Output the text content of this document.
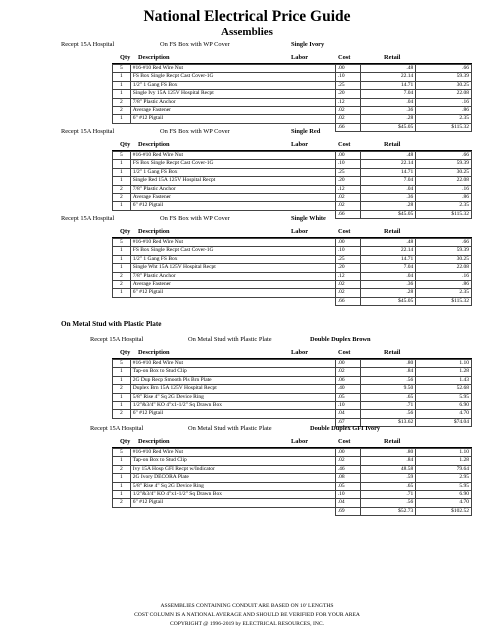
National Electrical Price Guide
Assemblies
On Metal Stud with Plastic Plate
Recept 15A Hospital	On FS Box with WP Cover	Single Ivory
Qty Description	Labor	Cost	Retail
5	#16-#10 Red Wire Nut	.00	.48	.66
1	FS Box Single Recpt Cast Cover-1G	.10	22.14	59.39
1	1/2" 1 Gang FS Box	.25	14.71	30.25
1	Single Ivy 15A 125V Hospital Recpt	.20	7.04	22.08
2	7/8" Plastic Anchor	.12	.04	.16
2	Average Fastener	.02	.36	.86
1	6" #12 Pigtail	.02	.28	2.35
		.66	$45.05	$115.32
Recept 15A Hospital	On FS Box with WP Cover	Single Red
Qty Description	Labor	Cost	Retail
5	#16-#10 Red Wire Nut	.00	.48	.66
1	FS Box Single Recpt Cast Cover-1G	.10	22.14	59.39
1	1/2" 1 Gang FS Box	.25	14.71	30.25
1	Single Red 15A 125V Hospital Recpt	.20	7.04	22.08
2	7/8" Plastic Anchor	.12	.04	.16
2	Average Fastener	.02	.36	.86
1	6" #12 Pigtail	.02	.28	2.35
		.66	$45.05	$115.32
Recept 15A Hospital	On FS Box with WP Cover	Single White
Qty Description	Labor	Cost	Retail
5	#16-#10 Red Wire Nut	.00	.48	.66
1	FS Box Single Recpt Cast Cover-1G	.10	22.14	59.39
1	1/2" 1 Gang FS Box	.25	14.71	30.25
1	Single Wht 15A 125V Hospital Recpt	.20	7.04	22.08
2	7/8" Plastic Anchor	.12	.04	.16
2	Average Fastener	.02	.36	.86
1	6" #12 Pigtail	.02	.28	2.35
		.66	$45.05	$115.32
Recept 15A Hospital	On Metal Stud with Plastic Plate	Double Duplex Brown
Qty Description	Labor	Cost	Retail
5	#16-#10 Red Wire Nut	.00	.80	1.10
1	Tap-on Box to Stud Clip	.02	.84	1.28
1	2G Dup Recp Smooth Pls Brn Plate	.06	.56	1.43
2	Duplex Brn 15A 125V Hospital Recpt	.40	9.50	52.68
1	5/8" Rise 4" Sq 2G Device Ring	.05	.65	5.95
1	1/2"&3/4" KO 4"x1-1/2" Sq Drawn Box	.10	.71	6.90
2	6" #12 Pigtail	.04	.56	4.70
		.67	$13.62	$74.04
Recept 15A Hospital	On Metal Stud with Plastic Plate	Double Duplex GFI Ivory
Qty Description	Labor	Cost	Retail
5	#16-#10 Red Wire Nut	.00	.80	1.10
1	Tap-on Box to Stud Clip	.02	.84	1.28
2	Ivy 15A Hosp GFI Recpt w/Indicator	.46	48.58	79.64
1	2G Ivory DECORA Plate	.08	.59	2.95
1	5/8" Rise 4" Sq 2G Device Ring	.05	.65	5.95
1	1/2"&3/4" KO 4"x1-1/2" Sq Drawn Box	.10	.71	6.90
2	6" #12 Pigtail	.04	.56	4.70
		.69	$52.73	$102.52
ASSEMBLIES CONTAINING CONDUIT ARE BASED ON 10' LENGTHS
COST COLUMN IS A NATIONAL AVERAGE AND SHOULD BE VERIFIED FOR YOUR AREA
COPYRIGHT @ 1996-2019 by ELECTRICAL RESOURCES, INC.
